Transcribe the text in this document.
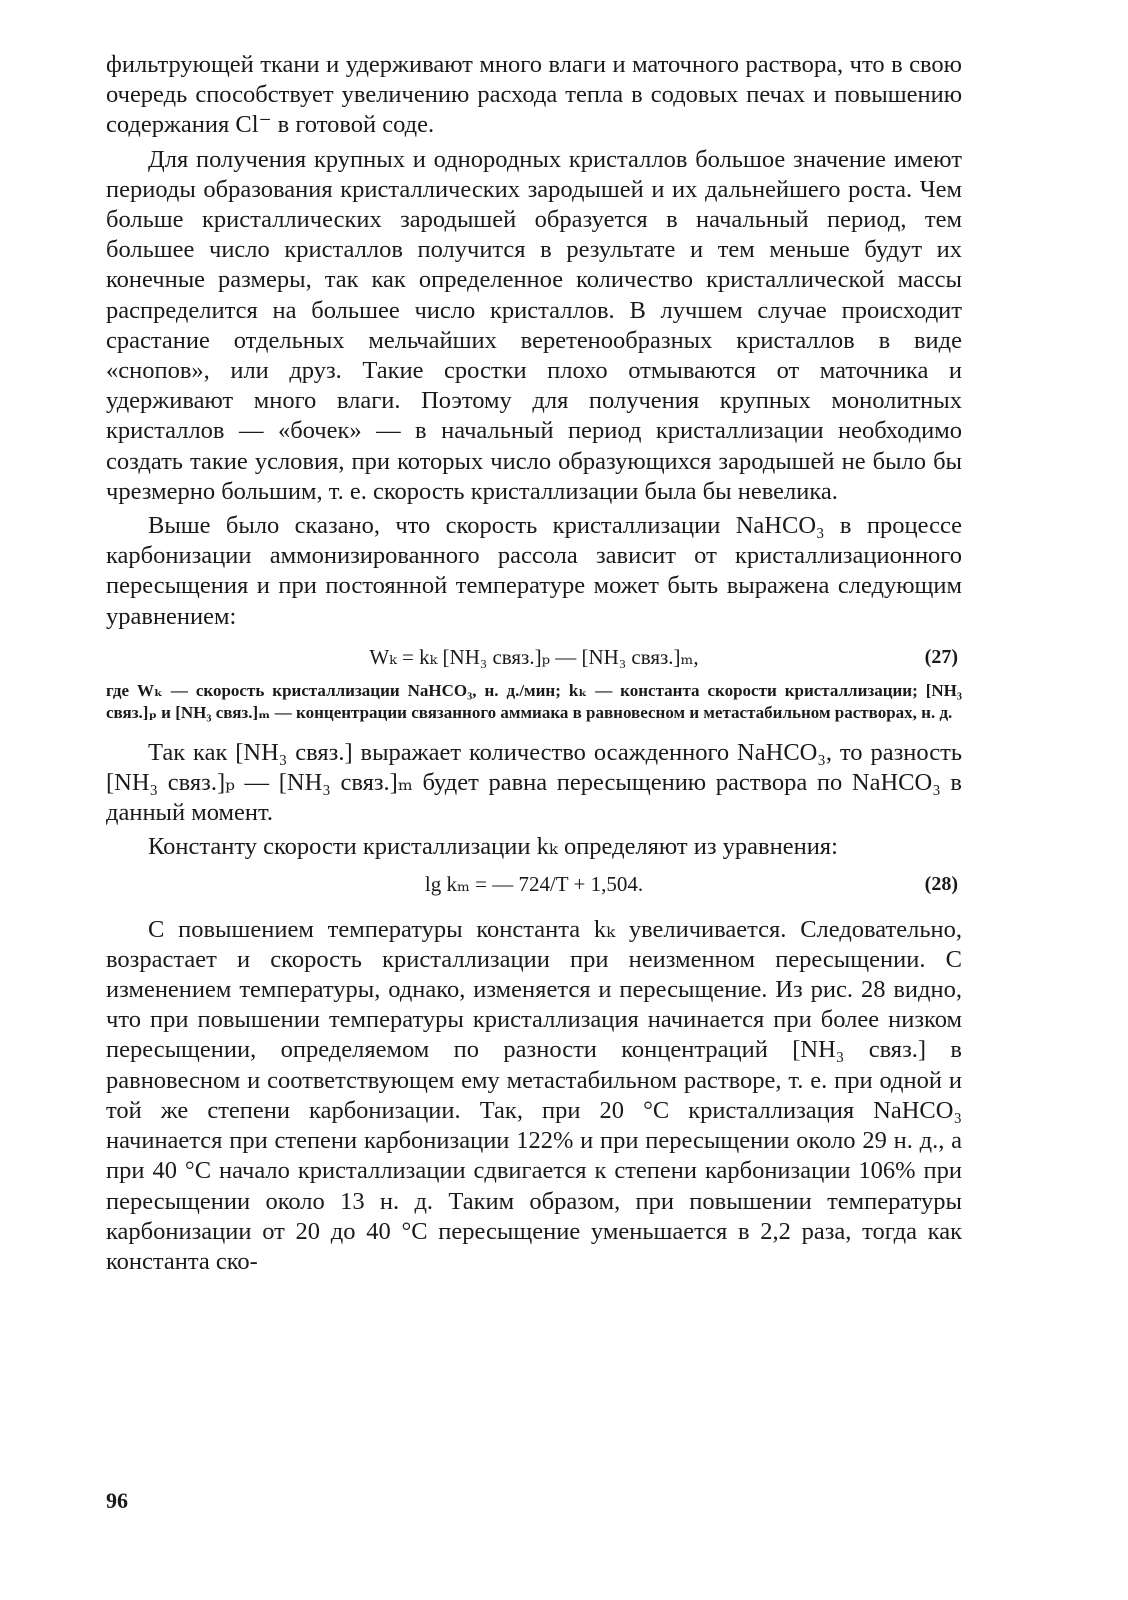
фильтрующей ткани и удерживают много влаги и маточного раствора, что в свою очередь способствует увеличению расхода тепла в содовых печах и повышению содержания Cl⁻ в готовой соде.

Для получения крупных и однородных кристаллов большое значение имеют периоды образования кристаллических зародышей и их дальнейшего роста. Чем больше кристаллических зародышей образуется в начальный период, тем большее число кристаллов получится в результате и тем меньше будут их конечные размеры, так как определенное количество кристаллической массы распределится на большее число кристаллов. В лучшем случае происходит срастание отдельных мельчайших веретенообразных кристаллов в виде «снопов», или друз. Такие сростки плохо отмываются от маточника и удерживают много влаги. Поэтому для получения крупных монолитных кристаллов — «бочек» — в начальный период кристаллизации необходимо создать такие условия, при которых число образующихся зародышей не было бы чрезмерно большим, т. е. скорость кристаллизации была бы невелика.

Выше было сказано, что скорость кристаллизации NaHCO₃ в процессе карбонизации аммонизированного рассола зависит от кристаллизационного пересыщения и при постоянной температуре может быть выражена следующим уравнением:

Wₖ = kₖ [NH₃ связ.]ₚ — [NH₃ связ.]ₘ,	(27)

где Wₖ — скорость кристаллизации NaHCO₃, н. д./мин; kₖ — константа скорости кристаллизации; [NH₃ связ.]ₚ и [NH₃ связ.]ₘ — концентрации связанного аммиака в равновесном и метастабильном растворах, н. д.

Так как [NH₃ связ.] выражает количество осажденного NaHCO₃, то разность [NH₃ связ.]ₚ — [NH₃ связ.]ₘ будет равна пересыщению раствора по NaHCO₃ в данный момент.

Константу скорости кристаллизации kₖ определяют из уравнения:

lg kₘ = — 724/T + 1,504.	(28)

С повышением температуры константа kₖ увеличивается. Следовательно, возрастает и скорость кристаллизации при неизменном пересыщении. С изменением температуры, однако, изменяется и пересыщение. Из рис. 28 видно, что при повышении температуры кристаллизация начинается при более низком пересыщении, определяемом по разности концентраций [NH₃ связ.] в равновесном и соответствующем ему метастабильном растворе, т. е. при одной и той же степени карбонизации. Так, при 20 °C кристаллизация NaHCO₃ начинается при степени карбонизации 122% и при пересыщении около 29 н. д., а при 40 °C начало кристаллизации сдвигается к степени карбонизации 106% при пересыщении около 13 н. д. Таким образом, при повышении температуры карбонизации от 20 до 40 °C пересыщение уменьшается в 2,2 раза, тогда как константа ско-

96
